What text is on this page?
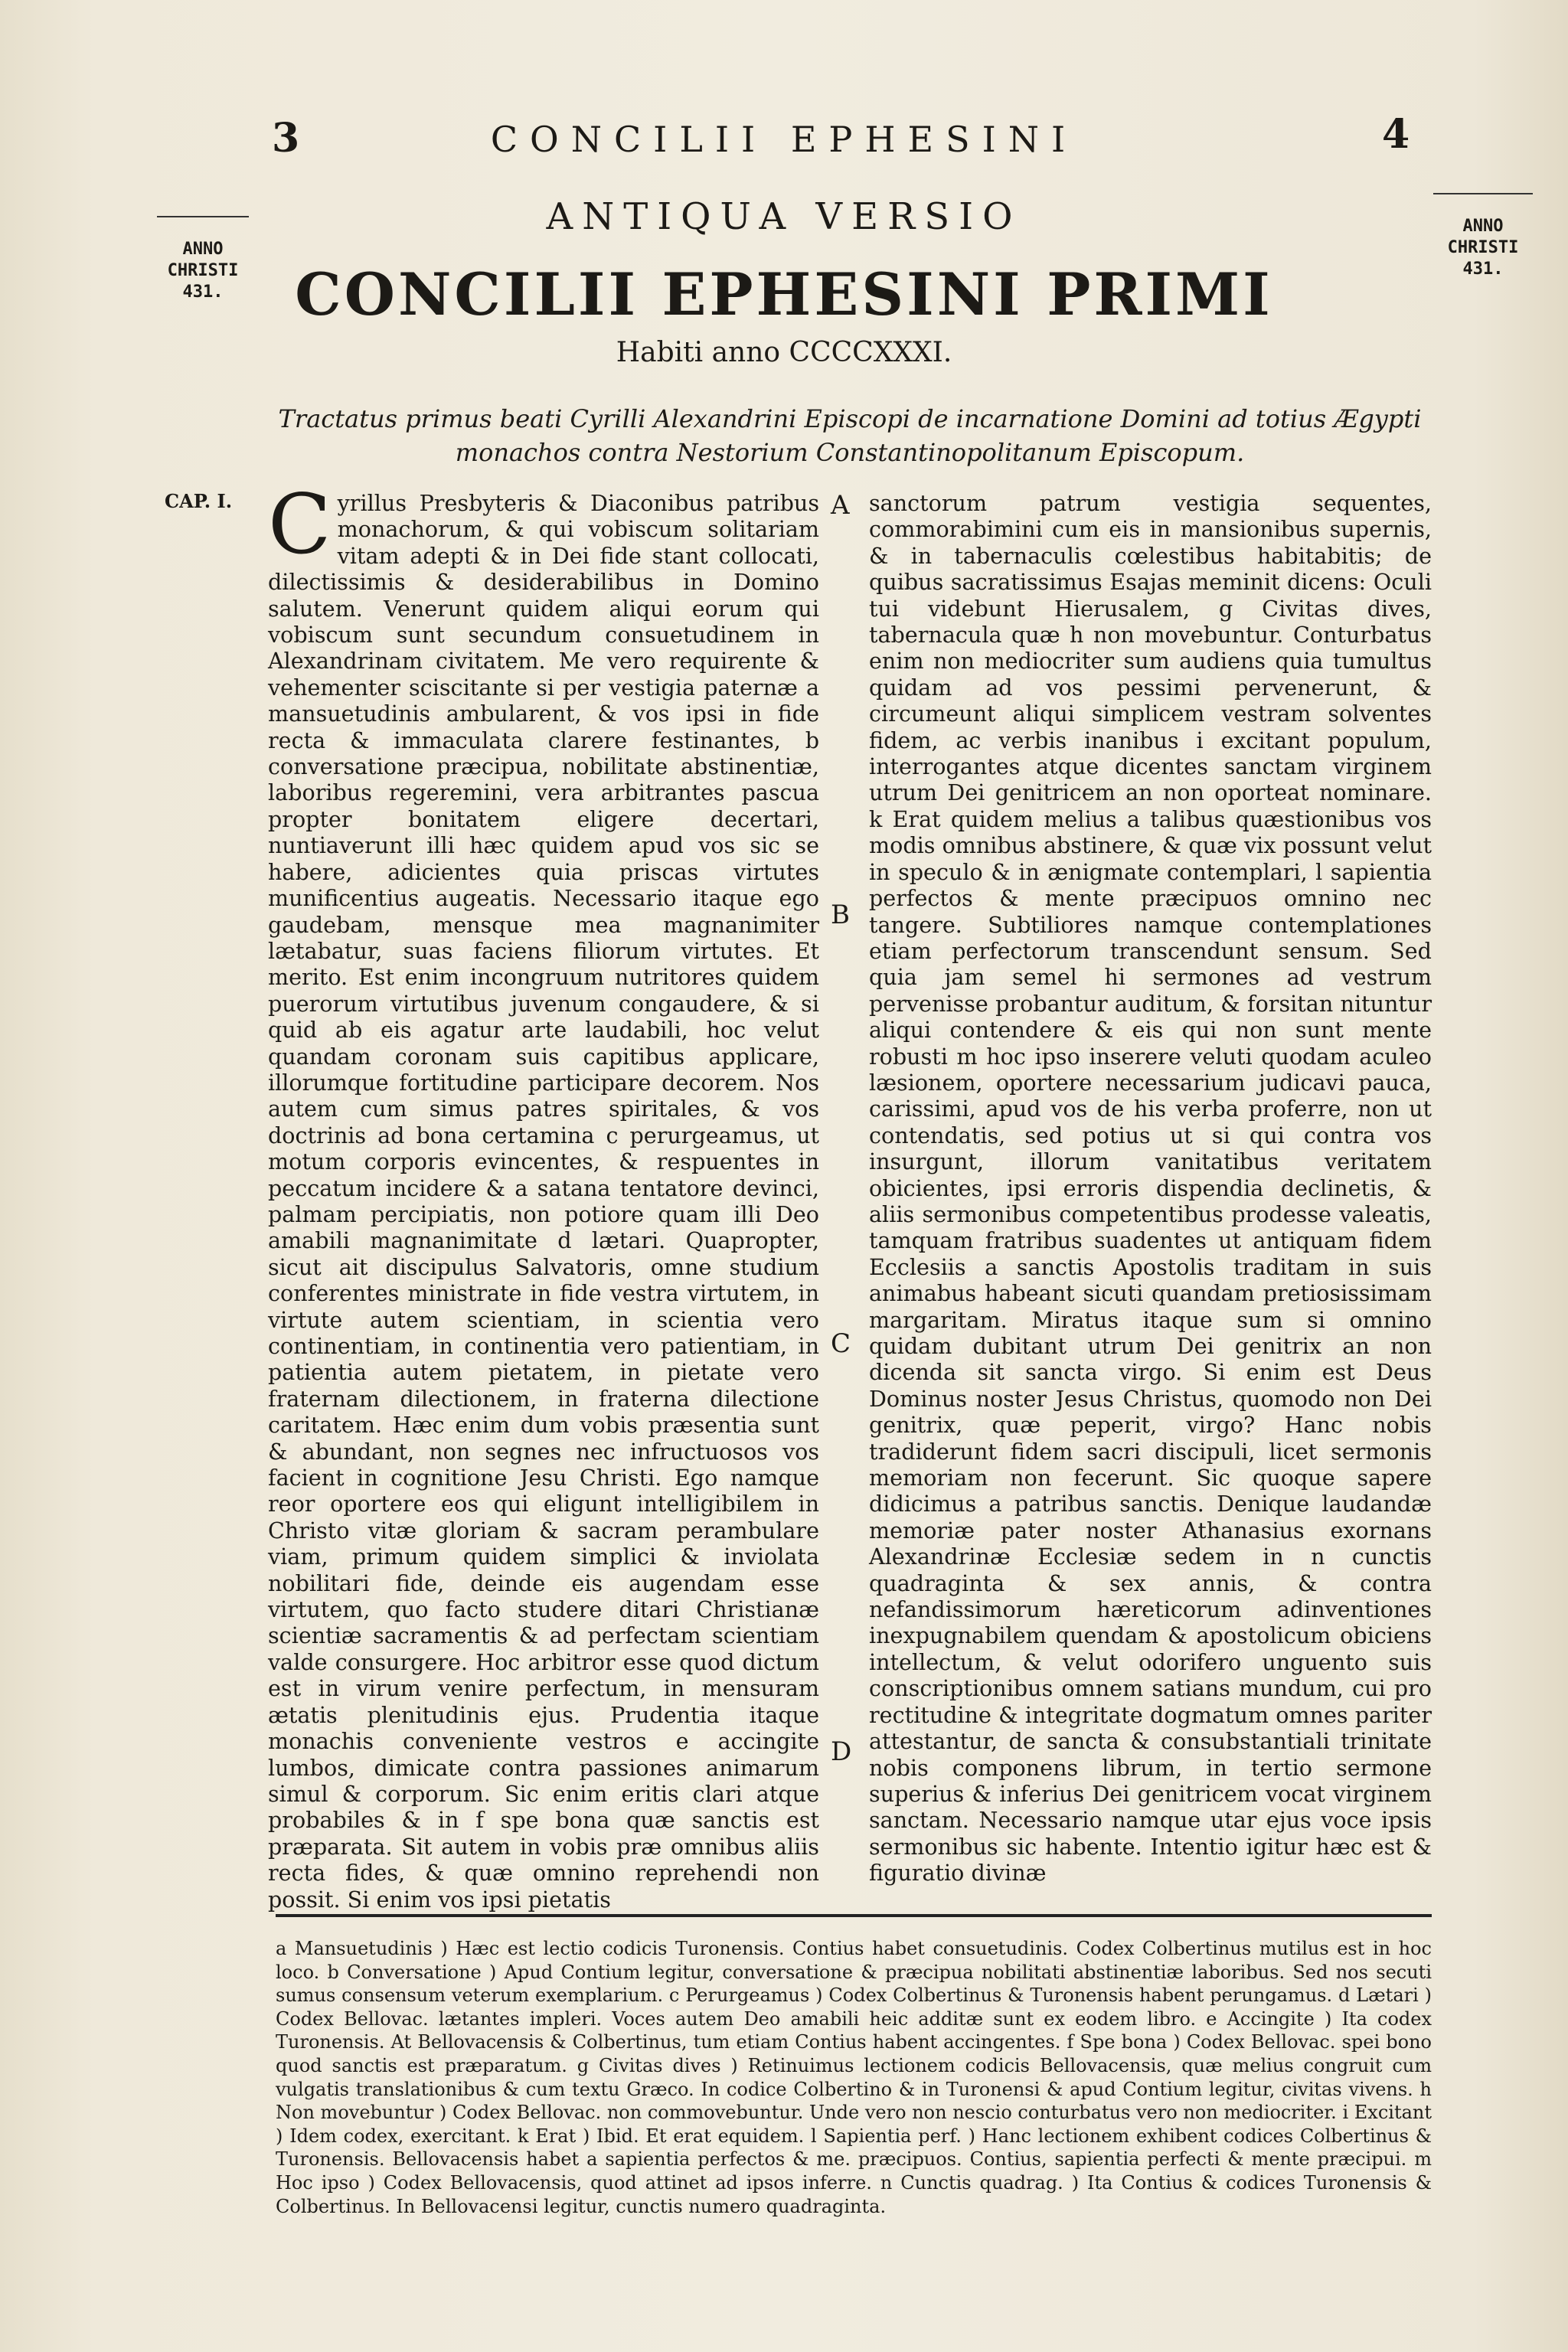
3	CONCILII EPHESINI	4

ANNO
CHRISTI
431.

ANNO
CHRISTI
431.

ANTIQUA VERSIO
CONCILII EPHESINI PRIMI
Habiti anno CCCCXXXI.
Tractatus primus beati Cyrilli Alexandrini Episcopi de incarnatione Domini ad totius Ægypti monachos contra Nestorium Constantinopolitanum Episcopum.
CAP. I. C yrillus Presbyteris & Diaconibus patribus monachorum, & qui vobiscum solitariam vitam adepti & in Dei fide stant collocati, dilectissimis & desiderabilibus in Domino salutem. Venerunt quidem aliqui eorum qui vobiscum sunt secundum consuetudinem in Alexandrinam civitatem. Me vero requirente & vehementer sciscitante si per vestigia paternæ a mansuetudinis ambularent, & vos ipsi in fide recta & immaculata clarere festinantes, b conversatione præcipua, nobilitate abstinentiæ, laboribus regeremini, vera arbitrantes pascua propter bonitatem eligere decertari, nuntiaverunt illi hæc quidem apud vos sic se habere, adicientes quia priscas virtutes munificentius augeatis. Necessario itaque ego gaudebam, mensque mea magnanimiter lætabatur, suas faciens filiorum virtutes. Et merito. Est enim incongruum nutritores quidem puerorum virtutibus juvenum congaudere, & si quid ab eis agatur arte laudabili, hoc velut quandam coronam suis capitibus applicare, illorumque fortitudine participare decorem. Nos autem cum simus patres spiritales, & vos doctrinis ad bona certamina c perurgeamus, ut motum corporis evincentes, & respuentes in peccatum incidere & a satana tentatore devinci, palmam percipiatis, non potiore quam illi Deo amabili magnanimitate d lætari. Quapropter, sicut ait discipulus Salvatoris, omne studium conferentes ministrate in fide vestra virtutem, in virtute autem scientiam, in scientia vero continentiam, in continentia vero patientiam, in patientia autem pietatem, in pietate vero fraternam dilectionem, in fraterna dilectione caritatem. Hæc enim dum vobis præsentia sunt & abundant, non segnes nec infructuosos vos facient in cognitione Jesu Christi. Ego namque reor oportere eos qui eligunt intelligibilem in Christo vitæ gloriam & sacram perambulare viam, primum quidem simplici & inviolata nobilitari fide, deinde eis augendam esse virtutem, quo facto studere ditari Christianæ scientiæ sacramentis & ad perfectam scientiam valde consurgere. Hoc arbitror esse quod dictum est in virum venire perfectum, in mensuram ætatis plenitudinis ejus. Prudentia itaque monachis conveniente vestros e accingite lumbos, dimicate contra passiones animarum simul & corporum. Sic enim eritis clari atque probabiles & in f spe bona quæ sanctis est præparata. Sit autem in vobis præ omnibus aliis recta fides, & quæ omnino reprehendi non possit. Si enim vos ipsi pietatis

A
B
C
D

sanctorum patrum vestigia sequentes, commorabimini cum eis in mansionibus supernis, & in tabernaculis cœlestibus habitabitis; de quibus sacratissimus Esajas meminit dicens: Oculi tui videbunt Hierusalem, g Civitas dives, tabernacula quæ h non movebuntur. Conturbatus enim non mediocriter sum audiens quia tumultus quidam ad vos pessimi pervenerunt, & circumeunt aliqui simplicem vestram solventes fidem, ac verbis inanibus i excitant populum, interrogantes atque dicentes sanctam virginem utrum Dei genitricem an non oporteat nominare. k Erat quidem melius a talibus quæstionibus vos modis omnibus abstinere, & quæ vix possunt velut in speculo & in ænigmate contemplari, l sapientia perfectos & mente præcipuos omnino nec tangere. Subtiliores namque contemplationes etiam perfectorum transcendunt sensum. Sed quia jam semel hi sermones ad vestrum pervenisse probantur auditum, & forsitan nituntur aliqui contendere & eis qui non sunt mente robusti m hoc ipso inserere veluti quodam aculeo læsionem, oportere necessarium judicavi pauca, carissimi, apud vos de his verba proferre, non ut contendatis, sed potius ut si qui contra vos insurgunt, illorum vanitatibus veritatem obicientes, ipsi erroris dispendia declinetis, & aliis sermonibus competentibus prodesse valeatis, tamquam fratribus suadentes ut antiquam fidem Ecclesiis a sanctis Apostolis traditam in suis animabus habeant sicuti quandam pretiosissimam margaritam. Miratus itaque sum si omnino quidam dubitant utrum Dei genitrix an non dicenda sit sancta virgo. Si enim est Deus Dominus noster Jesus Christus, quomodo non Dei genitrix, quæ peperit, virgo? Hanc nobis tradiderunt fidem sacri discipuli, licet sermonis memoriam non fecerunt. Sic quoque sapere didicimus a patribus sanctis. Denique laudandæ memoriæ pater noster Athanasius exornans Alexandrinæ Ecclesiæ sedem in n cunctis quadraginta & sex annis, & contra nefandissimorum hæreticorum adinventiones inexpugnabilem quendam & apostolicum obiciens intellectum, & velut odorifero unguento suis conscriptionibus omnem satians mundum, cui pro rectitudine & integritate dogmatum omnes pariter attestantur, de sancta & consubstantiali trinitate nobis componens librum, in tertio sermone superius & inferius Dei genitricem vocat virginem sanctam. Necessario namque utar ejus voce ipsis sermonibus sic habente. Intentio igitur hæc est & figuratio divinæ

a Mansuetudinis ) Hæc est lectio codicis Turonensis. Contius habet consuetudinis. Codex Colbertinus mutilus est in hoc loco. b Conversatione ) Apud Contium legitur, conversatione & præcipua nobilitati abstinentiæ laboribus. Sed nos secuti sumus consensum veterum exemplarium. c Perurgeamus ) Codex Colbertinus & Turonensis habent perungamus. d Lætari ) Codex Bellovac. lætantes impleri. Voces autem Deo amabili heic additæ sunt ex eodem libro. e Accingite ) Ita codex Turonensis. At Bellovacensis & Colbertinus, tum etiam Contius habent accingentes. f Spe bona ) Codex Bellovac. spei bono quod sanctis est præparatum. g Civitas dives ) Retinuimus lectionem codicis Bellovacensis, quæ melius congruit cum vulgatis translationibus & cum textu Græco. In codice Colbertino & in Turonensi & apud Contium legitur, civitas vivens. h Non movebuntur ) Codex Bellovac. non commovebuntur. Unde vero non nescio conturbatus vero non mediocriter. i Excitant ) Idem codex, exercitant. k Erat ) Ibid. Et erat equidem. l Sapientia perf. ) Hanc lectionem exhibent codices Colbertinus & Turonensis. Bellovacensis habet a sapientia perfectos & me. præcipuos. Contius, sapientia perfecti & mente præcipui. m Hoc ipso ) Codex Bellovacensis, quod attinet ad ipsos inferre. n Cunctis quadrag. ) Ita Contius & codices Turonensis & Colbertinus. In Bellovacensi legitur, cunctis numero quadraginta.
